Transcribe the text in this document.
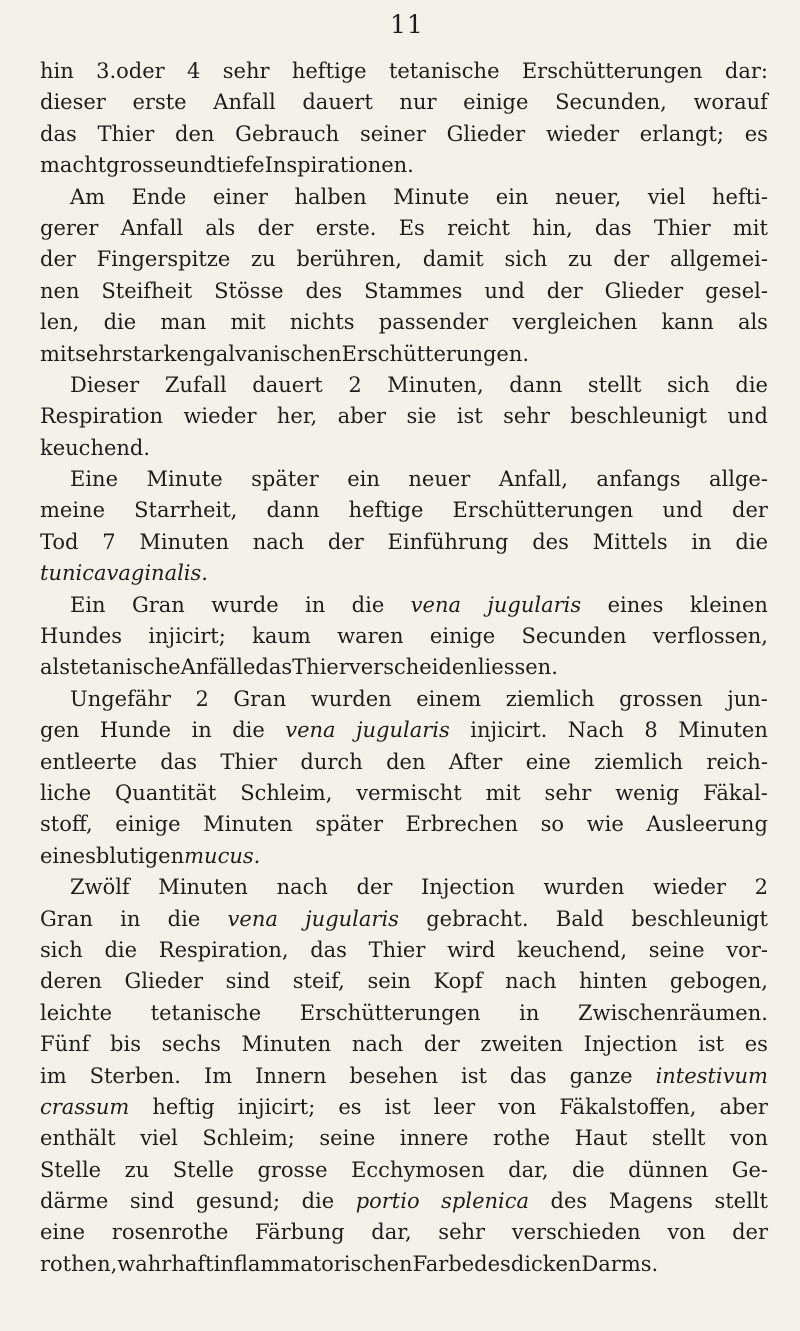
11
hin 3.oder 4 sehr heftige tetanische Erschütterungen dar:
dieser erste Anfall dauert nur einige Secunden, worauf
das Thier den Gebrauch seiner Glieder wieder erlangt; es
macht grosse und tiefe Inspirationen.
Am Ende einer halben Minute ein neuer, viel hefti-
gerer Anfall als der erste. Es reicht hin, das Thier mit
der Fingerspitze zu berühren, damit sich zu der allgemei-
nen Steifheit Stösse des Stammes und der Glieder gesel-
len, die man mit nichts passender vergleichen kann als
mit sehr starken galvanischen Erschütterungen.
Dieser Zufall dauert 2 Minuten, dann stellt sich die
Respiration wieder her, aber sie ist sehr beschleunigt und
keuchend.
Eine Minute später ein neuer Anfall, anfangs allge-
meine Starrheit, dann heftige Erschütterungen und der
Tod 7 Minuten nach der Einführung des Mittels in die
tunica vaginalis.
Ein Gran wurde in die vena jugularis eines kleinen
Hundes injicirt; kaum waren einige Secunden verflossen,
als tetanische Anfälle das Thier verscheiden liessen.
Ungefähr 2 Gran wurden einem ziemlich grossen jun-
gen Hunde in die vena jugularis injicirt. Nach 8 Minuten
entleerte das Thier durch den After eine ziemlich reich-
liche Quantität Schleim, vermischt mit sehr wenig Fäkal-
stoff, einige Minuten später Erbrechen so wie Ausleerung
eines blutigen mucus.
Zwölf Minuten nach der Injection wurden wieder 2
Gran in die vena jugularis gebracht. Bald beschleunigt
sich die Respiration, das Thier wird keuchend, seine vor-
deren Glieder sind steif, sein Kopf nach hinten gebogen,
leichte tetanische Erschütterungen in Zwischenräumen.
Fünf bis sechs Minuten nach der zweiten Injection ist es
im Sterben. Im Innern besehen ist das ganze intestivum
crassum heftig injicirt; es ist leer von Fäkalstoffen, aber
enthält viel Schleim; seine innere rothe Haut stellt von
Stelle zu Stelle grosse Ecchymosen dar, die dünnen Ge-
därme sind gesund; die portio splenica des Magens stellt
eine rosenrothe Färbung dar, sehr verschieden von der
rothen, wahrhaft inflammatorischen Farbe des dicken Darms.
